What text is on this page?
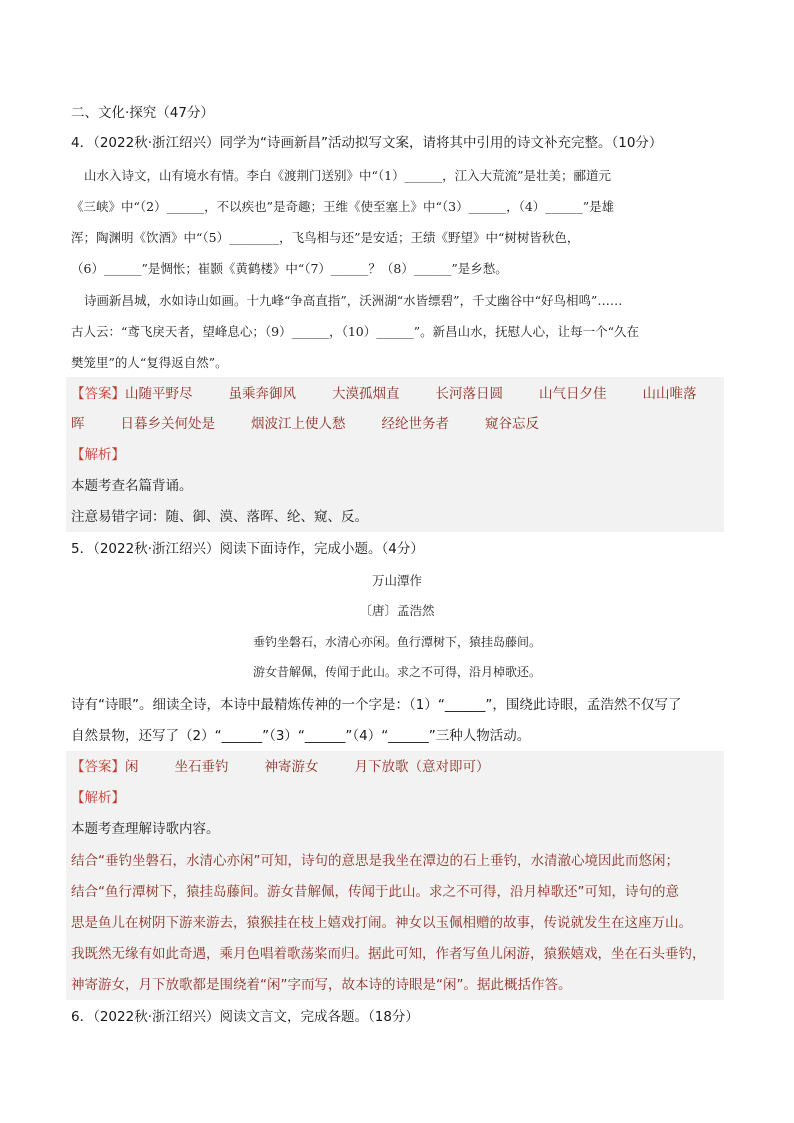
二、文化·探究（47分）
4．（2022秋·浙江绍兴）同学为“诗画新昌”活动拟写文案，请将其中引用的诗文补充完整。（10分）
山水入诗文，山有境水有情。李白《渡荆门送别》中“（1）______，江入大荒流”是壮美；郦道元
《三峡》中“（2）______，不以疾也”是奇趣；王维《使至塞上》中“（3）______，（4）______”是雄
浑；陶渊明《饮酒》中“（5）________，飞鸟相与还”是安适；王绩《野望》中“树树皆秋色，
（6）______”是惆怅；崔颢《黄鹤楼》中“（7）______？（8）______”是乡愁。
诗画新昌城，水如诗山如画。十九峰“争高直指”，沃洲湖“水皆缥碧”，千丈幽谷中“好鸟相鸣”……
古人云：“鸢飞戾天者，望峰息心；（9）______，（10）______”。新昌山水，抚慰人心，让每一个“久在
樊笼里”的人“复得返自然”。
【答案】山随平野尽	虽乘奔御风	大漠孤烟直	长河落日圆	山气日夕佳	山山唯落
晖	日暮乡关何处是	烟波江上使人愁	经纶世务者	窥谷忘反
【解析】
本题考查名篇背诵。
注意易错字词：随、御、漠、落晖、纶、窥、反。
5．（2022秋·浙江绍兴）阅读下面诗作，完成小题。（4分）
万山潭作
〔唐〕孟浩然
垂钓坐磐石，水清心亦闲。鱼行潭树下，猿挂岛藤间。
游女昔解佩，传闻于此山。求之不可得，沿月棹歌还。
诗有“诗眼”。细读全诗，本诗中最精炼传神的一个字是：（1）“______”，围绕此诗眼，孟浩然不仅写了
自然景物，还写了（2）“______”（3）“______”（4）“______”三种人物活动。
【答案】闲	坐石垂钓	神寄游女	月下放歌（意对即可）
【解析】
本题考查理解诗歌内容。
结合“垂钓坐磐石，水清心亦闲”可知，诗句的意思是我坐在潭边的石上垂钓，水清澈心境因此而悠闲；
结合“鱼行潭树下，猿挂岛藤间。游女昔解佩，传闻于此山。求之不可得，沿月棹歌还”可知，诗句的意
思是鱼儿在树阴下游来游去，猿猴挂在枝上嬉戏打闹。神女以玉佩相赠的故事，传说就发生在这座万山。
我既然无缘有如此奇遇，乘月色唱着歌荡桨而归。据此可知，作者写鱼儿闲游，猿猴嬉戏，坐在石头垂钓，
神寄游女，月下放歌都是围绕着“闲”字而写，故本诗的诗眼是“闲”。据此概括作答。
6．（2022秋·浙江绍兴）阅读文言文，完成各题。（18分）
